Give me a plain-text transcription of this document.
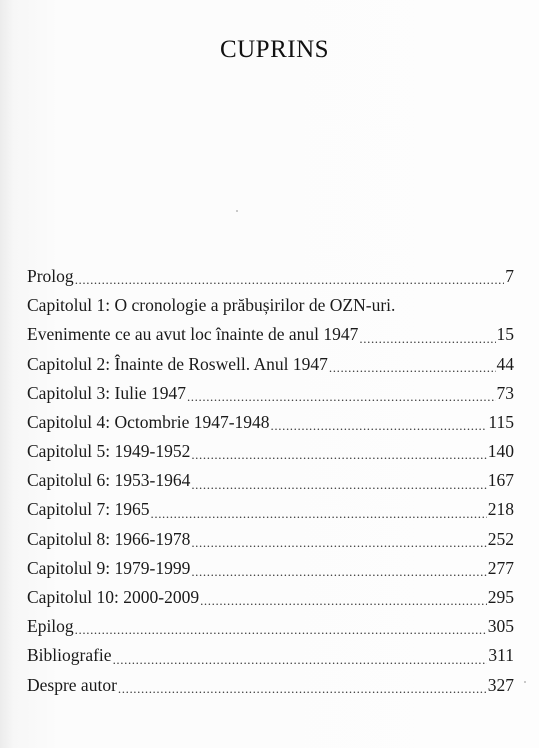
CUPRINS
Prolog .....	7
Capitolul 1: O cronologie a prăbușirilor de OZN-uri.
Evenimente ce au avut loc înainte de anul 1947 .....	15
Capitolul 2: Înainte de Roswell. Anul 1947 .....	44
Capitolul 3: Iulie 1947 .....	73
Capitolul 4: Octombrie 1947-1948 .....	115
Capitolul 5: 1949-1952 .....	140
Capitolul 6: 1953-1964 .....	167
Capitolul 7: 1965 .....	218
Capitolul 8: 1966-1978 .....	252
Capitolul 9: 1979-1999 .....	277
Capitolul 10: 2000-2009 .....	295
Epilog .....	305
Bibliografie .....	311
Despre autor .....	327
